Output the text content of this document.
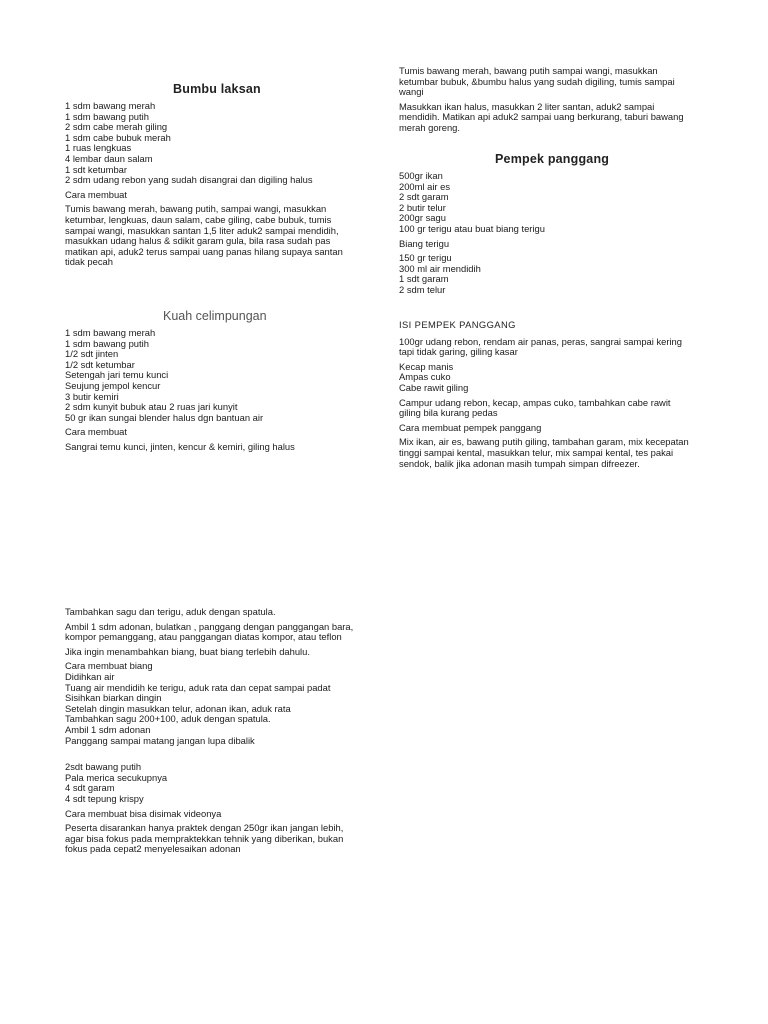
Bumbu laksan
1 sdm bawang merah
1 sdm bawang putih
2 sdm cabe merah giling
1 sdm cabe bubuk merah
1 ruas lengkuas
4 lembar daun salam
1 sdt ketumbar
2 sdm udang rebon yang sudah disangrai dan digiling halus
Cara membuat
Tumis bawang merah, bawang putih, sampai wangi, masukkan
ketumbar, lengkuas, daun salam, cabe giling, cabe bubuk, tumis
sampai wangi, masukkan santan 1,5 liter aduk2 sampai mendidih,
masukkan udang halus & sdikit garam gula, bila rasa sudah pas
matikan api, aduk2 terus sampai uang panas hilang supaya santan
tidak pecah
Kuah celimpungan
1 sdm bawang merah
1 sdm bawang putih
1/2 sdt jinten
1/2 sdt ketumbar
Setengah jari temu kunci
Seujung jempol kencur
3 butir kemiri
2 sdm kunyit bubuk atau 2 ruas jari kunyit
50 gr ikan sungai blender halus dgn bantuan air
Cara membuat
Sangrai temu kunci, jinten, kencur & kemiri, giling halus
Tumis bawang merah, bawang putih sampai wangi, masukkan
ketumbar bubuk, &bumbu halus yang sudah digiling, tumis sampai
wangi
Masukkan ikan halus, masukkan 2 liter santan, aduk2 sampai
mendidih. Matikan api aduk2 sampai uang berkurang, taburi bawang
merah goreng.
Pempek panggang
500gr ikan
200ml air es
2 sdt garam
2 butir telur
200gr sagu
100 gr terigu atau buat biang terigu
Biang terigu
150 gr terigu
300 ml air mendidih
1 sdt garam
2 sdm telur
ISI PEMPEK PANGGANG
100gr udang rebon, rendam air panas, peras, sangrai sampai kering
tapi tidak garing, giling kasar
Kecap manis
Ampas cuko
Cabe rawit giling
Campur udang rebon, kecap, ampas cuko, tambahkan cabe rawit
giling bila kurang pedas
Cara membuat pempek panggang
Mix ikan, air es, bawang putih giling, tambahan garam, mix kecepatan
tinggi sampai kental, masukkan telur, mix sampai kental, tes pakai
sendok, balik jika adonan masih tumpah simpan difreezer.
Tambahkan sagu dan terigu, aduk dengan spatula.
Ambil 1 sdm adonan, bulatkan , panggang dengan panggangan bara,
kompor pemanggang, atau panggangan diatas kompor, atau teflon
Jika ingin menambahkan biang, buat biang terlebih dahulu.
Cara membuat biang
Didihkan air
Tuang air mendidih ke terigu, aduk rata dan cepat sampai padat
Sisihkan biarkan dingin
Setelah dingin masukkan telur, adonan ikan, aduk rata
Tambahkan sagu 200+100, aduk dengan spatula.
Ambil 1 sdm adonan
Panggang sampai matang jangan lupa dibalik
2sdt bawang putih
Pala merica secukupnya
4 sdt garam
4 sdt tepung krispy
Cara membuat bisa disimak videonya
Peserta disarankan hanya praktek dengan 250gr ikan jangan lebih,
agar bisa fokus pada mempraktekkan tehnik yang diberikan, bukan
fokus pada cepat2 menyelesaikan adonan
